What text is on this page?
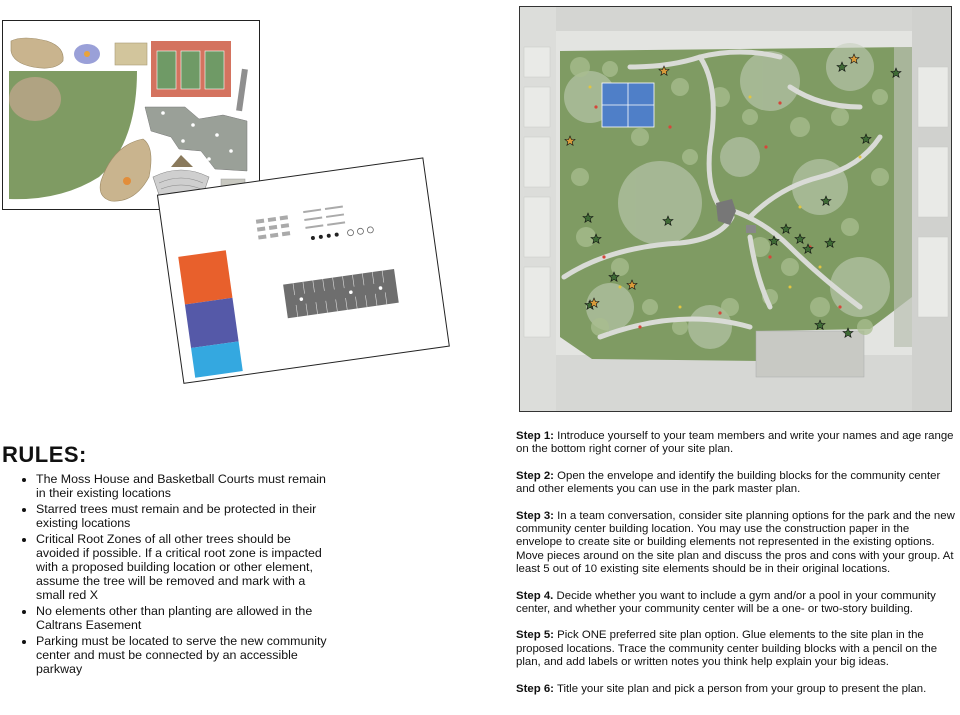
RULES:
• The Moss House and Basketball Courts must remain in their existing locations
• Starred trees must remain and be protected in their existing locations
• Critical Root Zones of all other trees should be avoided if possible. If a critical root zone is impacted with a proposed building location or other element, assume the tree will be removed and mark with a small red X
• No elements other than planting are allowed in the Caltrans Easement
• Parking must be located to serve the new community center and must be connected by an accessible parkway

Step 1: Introduce yourself to your team members and write your names and age range on the bottom right corner of your site plan.

Step 2: Open the envelope and identify the building blocks for the community center and other elements you can use in the park master plan.

Step 3: In a team conversation, consider site planning options for the park and the new community center building location. You may use the construction paper in the envelope to create site or building elements not represented in the existing options. Move pieces around on the site plan and discuss the pros and cons with your group. At least 5 out of 10 existing site elements should be in their original locations.

Step 4. Decide whether you want to include a gym and/or a pool in your community center, and whether your community center will be a one- or two-story building.

Step 5: Pick ONE preferred site plan option. Glue elements to the site plan in the proposed locations. Trace the community center building blocks with a pencil on the plan, and add labels or written notes you think help explain your big ideas.

Step 6: Title your site plan and pick a person from your group to present the plan.
